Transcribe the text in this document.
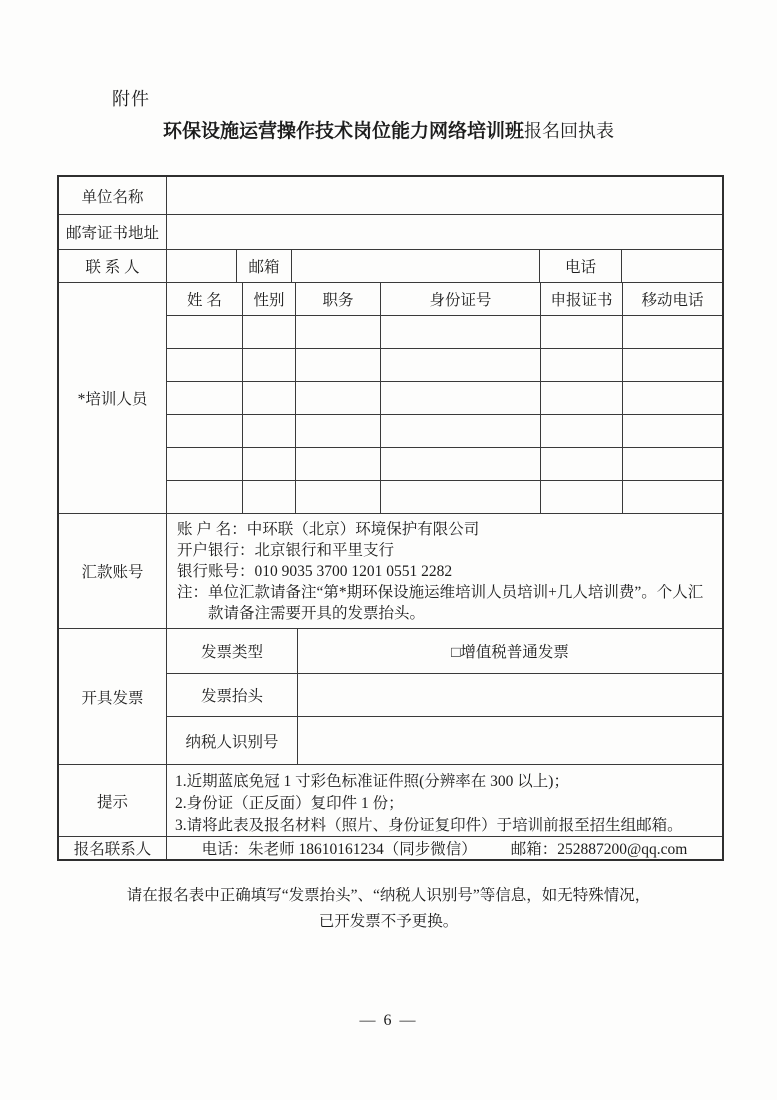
附件
环保设施运营操作技术岗位能力网络培训班报名回执表
单位名称
邮寄证书地址
联 系 人	邮箱	电话
*培训人员
姓 名	性别	职务	身份证号	申报证书	移动电话
汇款账号
账 户 名：中环联（北京）环境保护有限公司
开户银行：北京银行和平里支行
银行账号：010 9035 3700 1201 0551 2282
注：单位汇款请备注“第*期环保设施运维培训人员培训+几人培训费”。个人汇
款请备注需要开具的发票抬头。
开具发票
发票类型	□增值税普通发票
发票抬头
纳税人识别号
提示
1.近期蓝底免冠 1 寸彩色标准证件照(分辨率在 300 以上)；
2.身份证（正反面）复印件 1 份；
3.请将此表及报名材料（照片、身份证复印件）于培训前报至招生组邮箱。
报名联系人	电话：朱老师 18610161234（同步微信） 邮箱：252887200@qq.com
请在报名表中正确填写“发票抬头”、“纳税人识别号”等信息，如无特殊情况，
已开发票不予更换。
— 6 —
